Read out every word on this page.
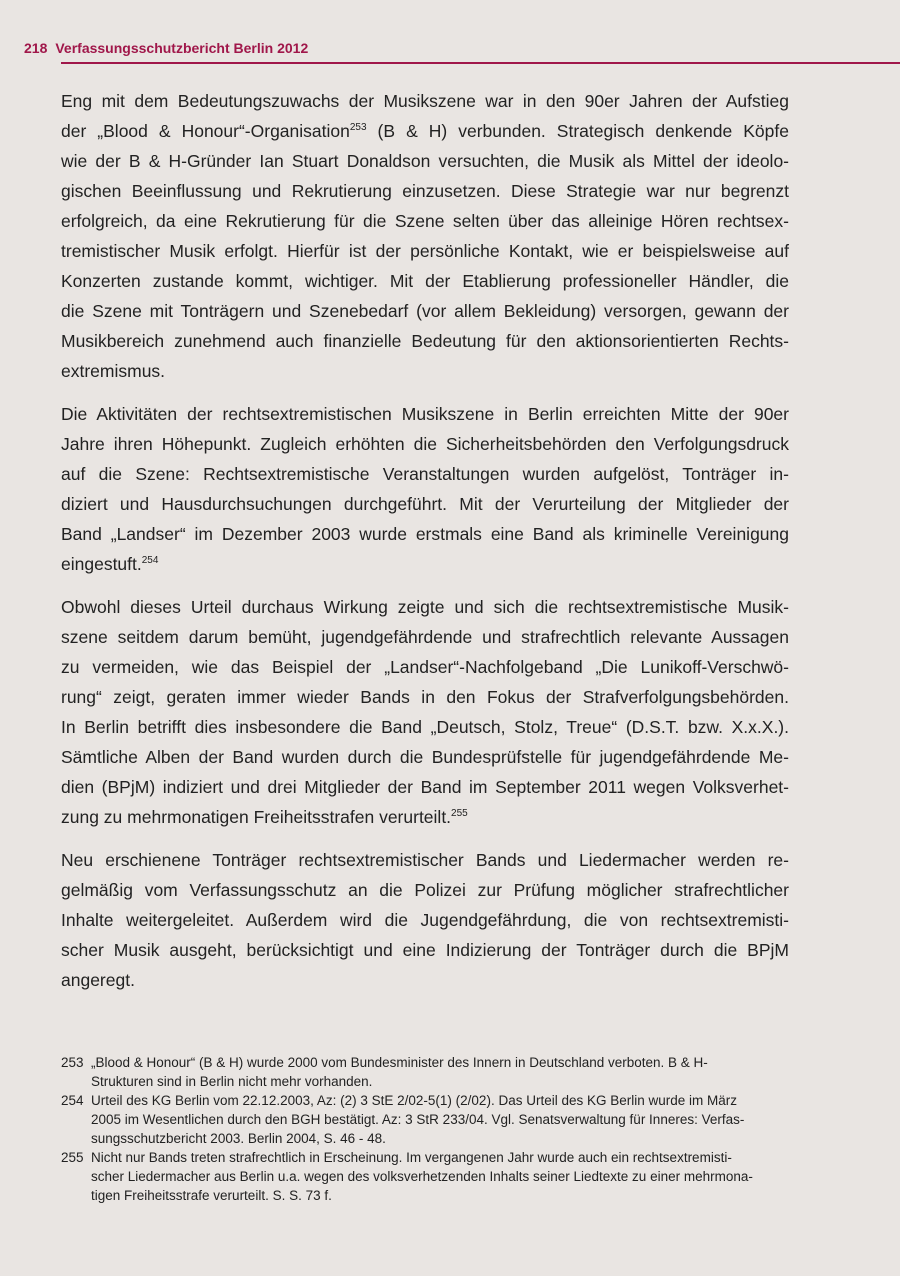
218 Verfassungsschutzbericht Berlin 2012
Eng mit dem Bedeutungszuwachs der Musikszene war in den 90er Jahren der Aufstieg
der „Blood & Honour“-Organisation$^{253}$ (B & H) verbunden. Strategisch denkende Köpfe
wie der B & H-Gründer Ian Stuart Donaldson versuchten, die Musik als Mittel der ideolo-
gischen Beeinflussung und Rekrutierung einzusetzen. Diese Strategie war nur begrenzt
erfolgreich, da eine Rekrutierung für die Szene selten über das alleinige Hören rechtsex-
tremistischer Musik erfolgt. Hierfür ist der persönliche Kontakt, wie er beispielsweise auf
Konzerten zustande kommt, wichtiger. Mit der Etablierung professioneller Händler, die
die Szene mit Tonträgern und Szenebedarf (vor allem Bekleidung) versorgen, gewann der
Musikbereich zunehmend auch finanzielle Bedeutung für den aktionsorientierten Rechts-
extremismus.
Die Aktivitäten der rechtsextremistischen Musikszene in Berlin erreichten Mitte der 90er
Jahre ihren Höhepunkt. Zugleich erhöhten die Sicherheitsbehörden den Verfolgungsdruck
auf die Szene: Rechtsextremistische Veranstaltungen wurden aufgelöst, Tonträger in-
diziert und Hausdurchsuchungen durchgeführt. Mit der Verurteilung der Mitglieder der
Band „Landser“ im Dezember 2003 wurde erstmals eine Band als kriminelle Vereinigung
eingestuft.$^{254}$
Obwohl dieses Urteil durchaus Wirkung zeigte und sich die rechtsextremistische Musik-
szene seitdem darum bemüht, jugendgefährdende und strafrechtlich relevante Aussagen
zu vermeiden, wie das Beispiel der „Landser“-Nachfolgeband „Die Lunikoff-Verschwö-
rung“ zeigt, geraten immer wieder Bands in den Fokus der Strafverfolgungsbehörden.
In Berlin betrifft dies insbesondere die Band „Deutsch, Stolz, Treue“ (D.S.T. bzw. X.x.X.).
Sämtliche Alben der Band wurden durch die Bundesprüfstelle für jugendgefährdende Me-
dien (BPjM) indiziert und drei Mitglieder der Band im September 2011 wegen Volksverhet-
zung zu mehrmonatigen Freiheitsstrafen verurteilt.$^{255}$
Neu erschienene Tonträger rechtsextremistischer Bands und Liedermacher werden re-
gelmäßig vom Verfassungsschutz an die Polizei zur Prüfung möglicher strafrechtlicher
Inhalte weitergeleitet. Außerdem wird die Jugendgefährdung, die von rechtsextremisti-
scher Musik ausgeht, berücksichtigt und eine Indizierung der Tonträger durch die BPjM
angeregt.
253 „Blood & Honour“ (B & H) wurde 2000 vom Bundesminister des Innern in Deutschland verboten. B & H-
Strukturen sind in Berlin nicht mehr vorhanden.
254 Urteil des KG Berlin vom 22.12.2003, Az: (2) 3 StE 2/02-5(1) (2/02). Das Urteil des KG Berlin wurde im März
2005 im Wesentlichen durch den BGH bestätigt. Az: 3 StR 233/04. Vgl. Senatsverwaltung für Inneres: Verfas-
sungsschutzbericht 2003. Berlin 2004, S. 46 - 48.
255 Nicht nur Bands treten strafrechtlich in Erscheinung. Im vergangenen Jahr wurde auch ein rechtsextremisti-
scher Liedermacher aus Berlin u.a. wegen des volksverhetzenden Inhalts seiner Liedtexte zu einer mehrmona-
tigen Freiheitsstrafe verurteilt. S. S. 73 f.
